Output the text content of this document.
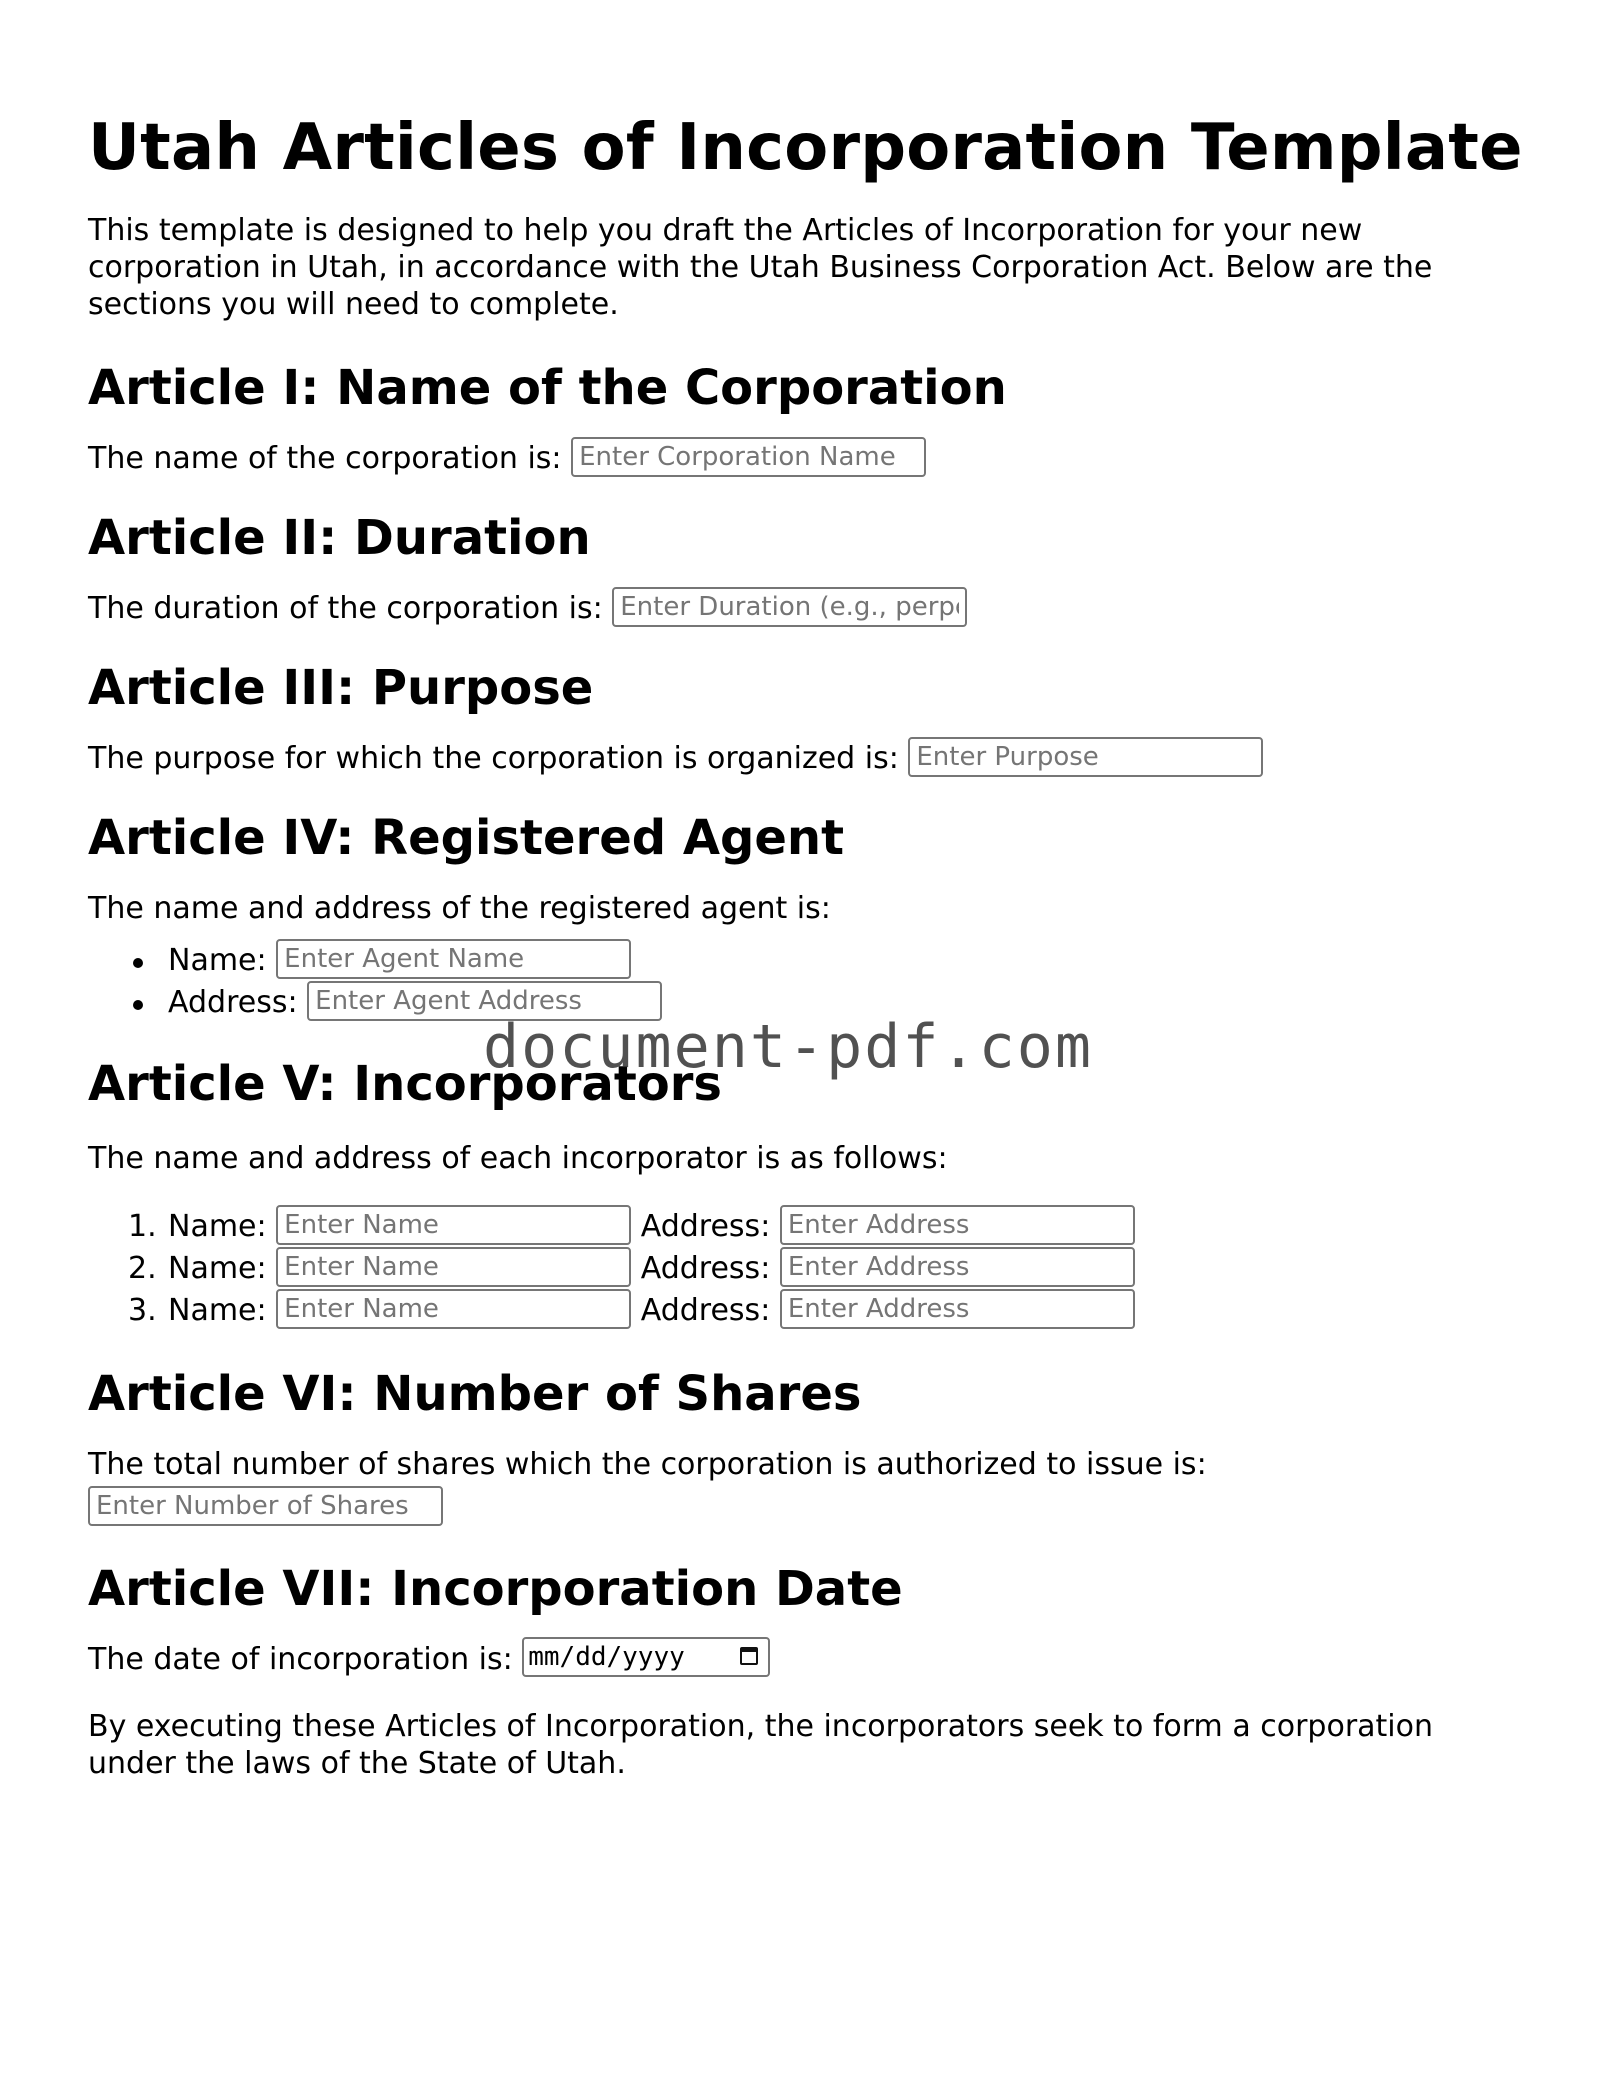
Utah Articles of Incorporation Template

This template is designed to help you draft the Articles of Incorporation for your new corporation in Utah, in accordance with the Utah Business Corporation Act. Below are the sections you will need to complete.

Article I: Name of the Corporation

The name of the corporation is: Enter Corporation Name

Article II: Duration

The duration of the corporation is: Enter Duration (e.g., perpetual)

Article III: Purpose

The purpose for which the corporation is organized is: Enter Purpose

Article IV: Registered Agent

The name and address of the registered agent is:

Name: Enter Agent Name
Address: Enter Agent Address
Article V: Incorporators

The name and address of each incorporator is as follows:

1. Name: Enter Name	Address: Enter Address
2. Name: Enter Name	Address: Enter Address
3. Name: Enter Name	Address: Enter Address
Article VI: Number of Shares

The total number of shares which the corporation is authorized to issue is:
Enter Number of Shares

Article VII: Incorporation Date

The date of incorporation is: mm/dd/yyyy

By executing these Articles of Incorporation, the incorporators seek to form a corporation under the laws of the State of Utah.

document-pdf.com
